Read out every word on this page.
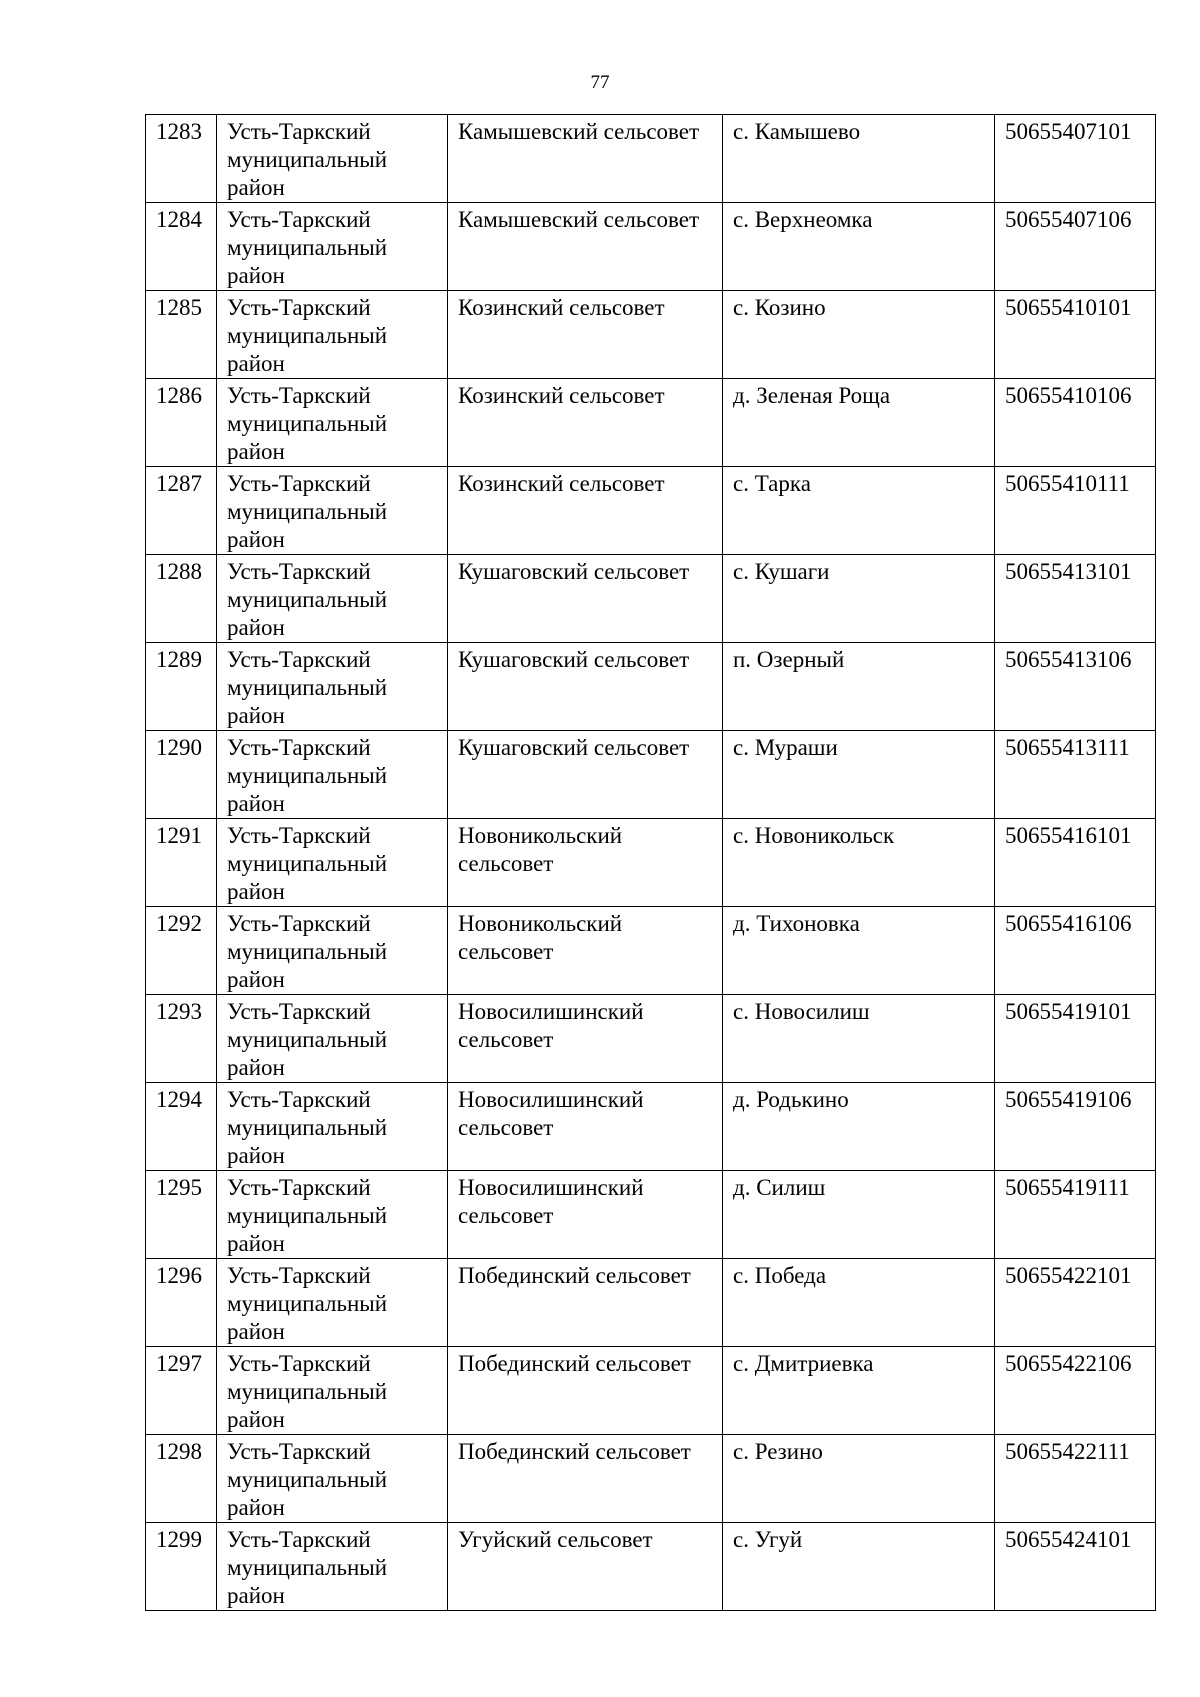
77
1283	Усть-Таркский муниципальный район	Камышевский сельсовет	с. Камышево	50655407101
1284	Усть-Таркский муниципальный район	Камышевский сельсовет	с. Верхнеомка	50655407106
1285	Усть-Таркский муниципальный район	Козинский сельсовет	с. Козино	50655410101
1286	Усть-Таркский муниципальный район	Козинский сельсовет	д. Зеленая Роща	50655410106
1287	Усть-Таркский муниципальный район	Козинский сельсовет	с. Тарка	50655410111
1288	Усть-Таркский муниципальный район	Кушаговский сельсовет	с. Кушаги	50655413101
1289	Усть-Таркский муниципальный район	Кушаговский сельсовет	п. Озерный	50655413106
1290	Усть-Таркский муниципальный район	Кушаговский сельсовет	с. Мураши	50655413111
1291	Усть-Таркский муниципальный район	Новоникольский сельсовет	с. Новоникольск	50655416101
1292	Усть-Таркский муниципальный район	Новоникольский сельсовет	д. Тихоновка	50655416106
1293	Усть-Таркский муниципальный район	Новосилишинский сельсовет	с. Новосилиш	50655419101
1294	Усть-Таркский муниципальный район	Новосилишинский сельсовет	д. Родькино	50655419106
1295	Усть-Таркский муниципальный район	Новосилишинский сельсовет	д. Силиш	50655419111
1296	Усть-Таркский муниципальный район	Побединский сельсовет	с. Победа	50655422101
1297	Усть-Таркский муниципальный район	Побединский сельсовет	с. Дмитриевка	50655422106
1298	Усть-Таркский муниципальный район	Побединский сельсовет	с. Резино	50655422111
1299	Усть-Таркский муниципальный район	Угуйский сельсовет	с. Угуй	50655424101
